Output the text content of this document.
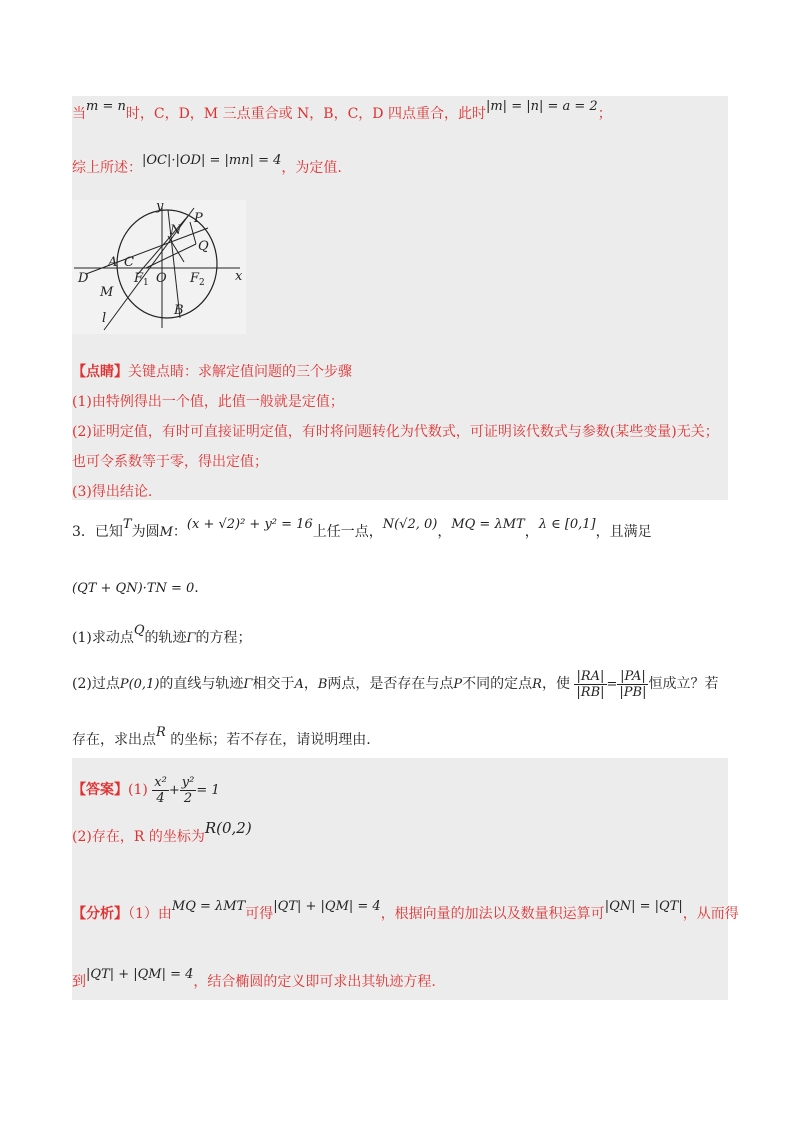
当m = n时，C，D，M 三点重合或 N，B，C，D 四点重合，此时|m| = |n| = a = 2；
综上所述：|OC|·|OD| = |mn| = 4，为定值.
y
x
P
N
Q
A C
D	$F_1$ O $F_2$
M
B
l
【点睛】关键点睛：求解定值问题的三个步骤
(1)由特例得出一个值，此值一般就是定值；
(2)证明定值，有时可直接证明定值，有时将问题转化为代数式，可证明该代数式与参数(某些变量)无关；
也可令系数等于零，得出定值；
(3)得出结论.
3．已知T为圆M：(x + √2)² + y² = 16上任一点，N(√2, 0)，MQ = λMT，λ ∈ [0,1]，且满足
(QT + QN)·TN = 0.
(1)求动点Q的轨迹Γ的方程；
(2)过点P(0,1)的直线与轨迹Γ相交于A，B两点，是否存在与点P不同的定点R，使 $\frac{|RA|}{|RB|} = \frac{|PA|}{|PB|}$ 恒成立？若
存在，求出点R 的坐标；若不存在，请说明理由.
【答案】$(1) \frac{\text{x²}}{4} + \frac{\text{y²}}{2} = 1$
(2)存在，R 的坐标为R(0,2)
【分析】（1）由MQ = λMT可得|QT| + |QM| = 4，根据向量的加法以及数量积运算可|QN| = |QT|，从而得
到|QT| + |QM| = 4，结合椭圆的定义即可求出其轨迹方程.
